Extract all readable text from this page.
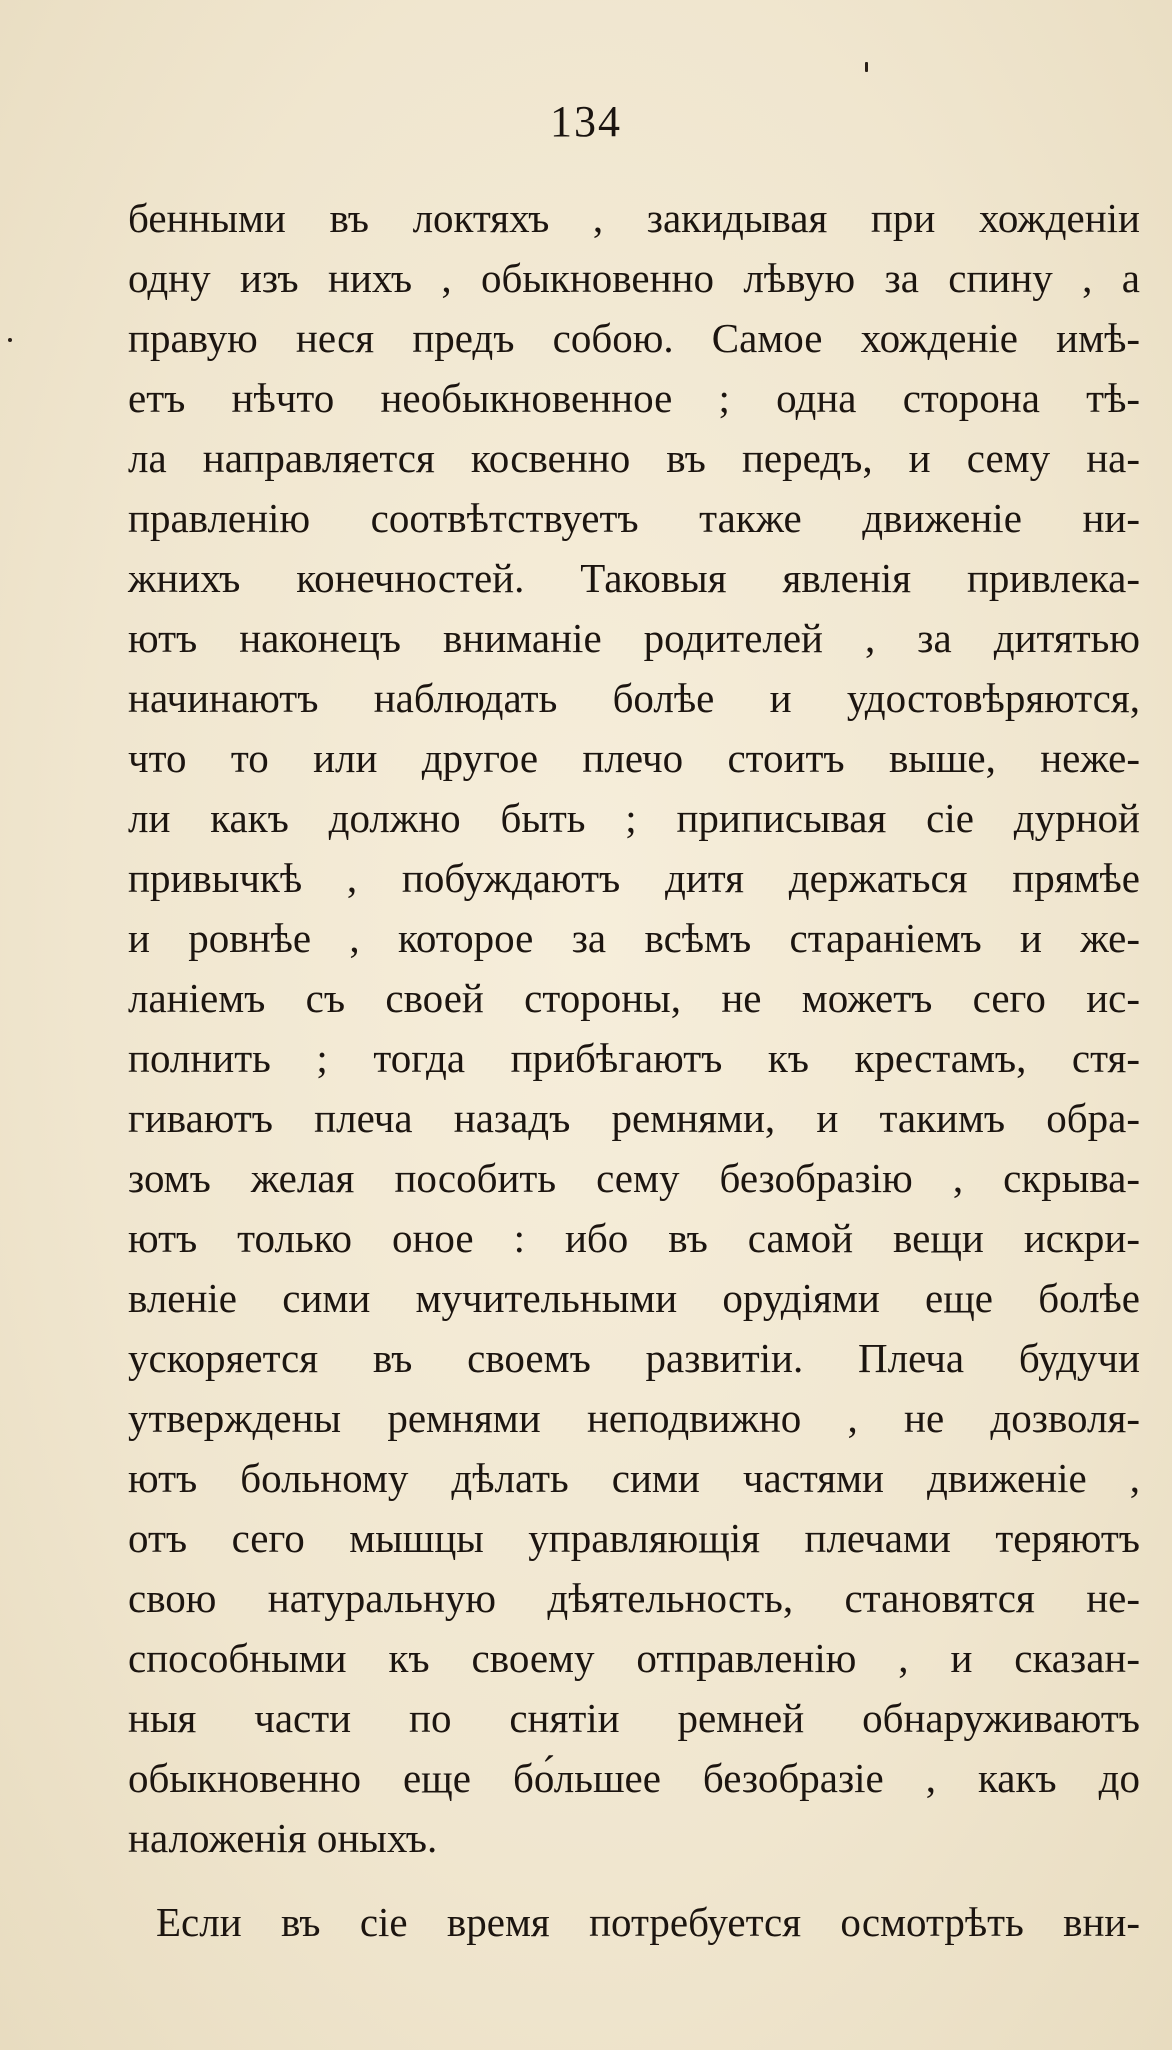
134
бенными въ локтяхъ , закидывая при хожденіи
одну изъ нихъ , обыкновенно лѣвую за спину , а
правую неся предъ собою. Самое хожденіе имѣ-
етъ нѣчто необыкновенное ; одна сторона тѣ-
ла направляется косвенно въ передъ, и сему на-
правленію соотвѣтствуетъ также движеніе ни-
жнихъ конечностей. Таковыя явленія привлека-
ютъ наконецъ вниманіе родителей , за дитятью
начинаютъ наблюдать болѣе и удостовѣряются,
что то или другое плечо стоитъ выше, неже-
ли какъ должно быть ; приписывая сіе дурной
привычкѣ , побуждаютъ дитя держаться прямѣе
и ровнѣе , которое за всѣмъ стараніемъ и же-
ланіемъ съ своей стороны, не можетъ сего ис-
полнить ; тогда прибѣгаютъ къ крестамъ, стя-
гиваютъ плеча назадъ ремнями, и такимъ обра-
зомъ желая пособить сему безобразію , скрыва-
ютъ только оное : ибо въ самой вещи искри-
вленіе сими мучительными орудіями еще болѣе
ускоряется въ своемъ развитіи. Плеча будучи
утверждены ремнями неподвижно , не дозволя-
ютъ больному дѣлать сими частями движеніе ,
отъ сего мышцы управляющія плечами теряютъ
свою натуральную дѣятельность, становятся не-
способными къ своему отправленію , и сказан-
ныя части по снятіи ремней обнаруживаютъ
обыкновенно еще бо́льшее безобразіе , какъ до
наложенія оныхъ.
Если въ сіе время потребуется осмотрѣть вни-
